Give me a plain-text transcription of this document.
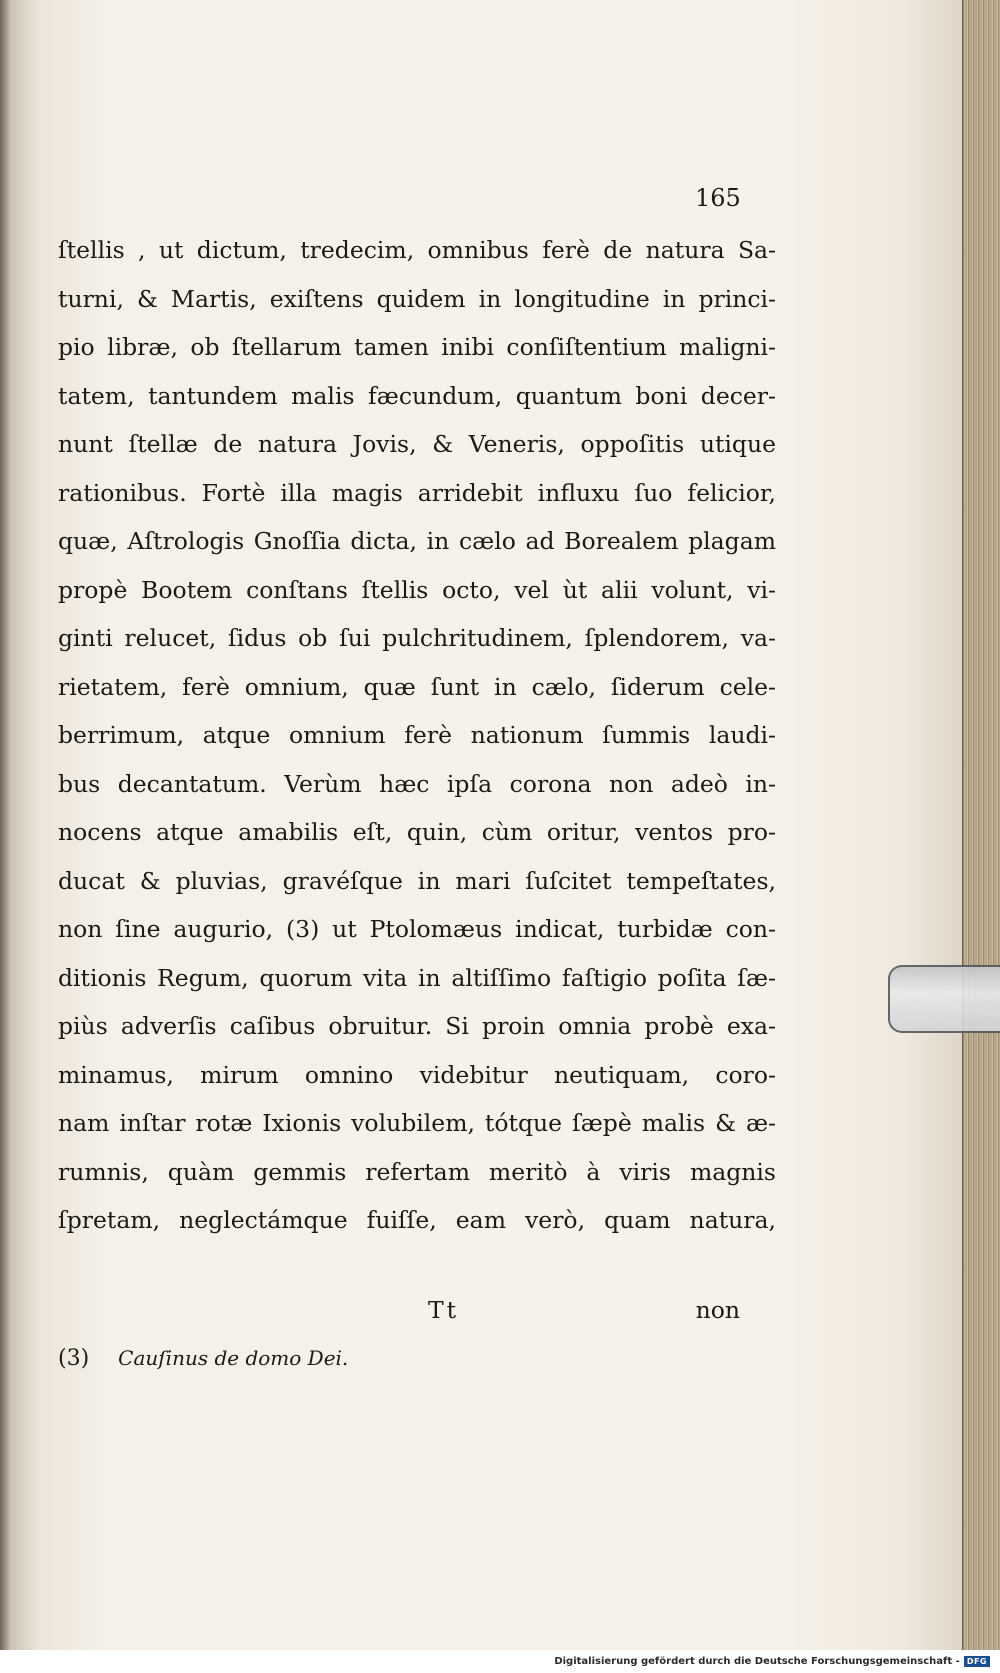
165
ſtellis , ut dictum, tredecim, omnibus ferè de natura Sa-
turni, & Martis, exiſtens quidem in longitudine in princi-
pio libræ, ob ſtellarum tamen inibi conſiſtentium maligni-
tatem, tantundem malis fæcundum, quantum boni decer-
nunt ſtellæ de natura Jovis, & Veneris, oppoſitis utique
rationibus. Fortè illa magis arridebit influxu ſuo felicior,
quæ, Aſtrologis Gnoſſia dicta, in cælo ad Borealem plagam
propè Bootem conſtans ſtellis octo, vel ùt alii volunt, vi-
ginti relucet, ſidus ob ſui pulchritudinem, ſplendorem, va-
rietatem, ferè omnium, quæ ſunt in cælo, ſiderum cele-
berrimum, atque omnium ferè nationum ſummis laudi-
bus decantatum. Verùm hæc ipſa corona non adeò in-
nocens atque amabilis eſt, quin, cùm oritur, ventos pro-
ducat & pluvias, gravéſque in mari ſuſcitet tempeſtates,
non ſine augurio, (3) ut Ptolomæus indicat, turbidæ con-
ditionis Regum, quorum vita in altiſſimo faſtigio poſita ſæ-
piùs adverſis caſibus obruitur. Si proin omnia probè exa-
minamus, mirum omnino videbitur neutiquam, coro-
nam inſtar rotæ Ixionis volubilem, tótque ſæpè malis & æ-
rumnis, quàm gemmis refertam meritò à viris magnis
ſpretam, neglectámque fuiſſe, eam verò, quam natura,
Tt	non
(3) Cauſinus de domo Dei.
Digitalisierung gefördert durch die Deutsche Forschungsgemeinschaft - DFG
